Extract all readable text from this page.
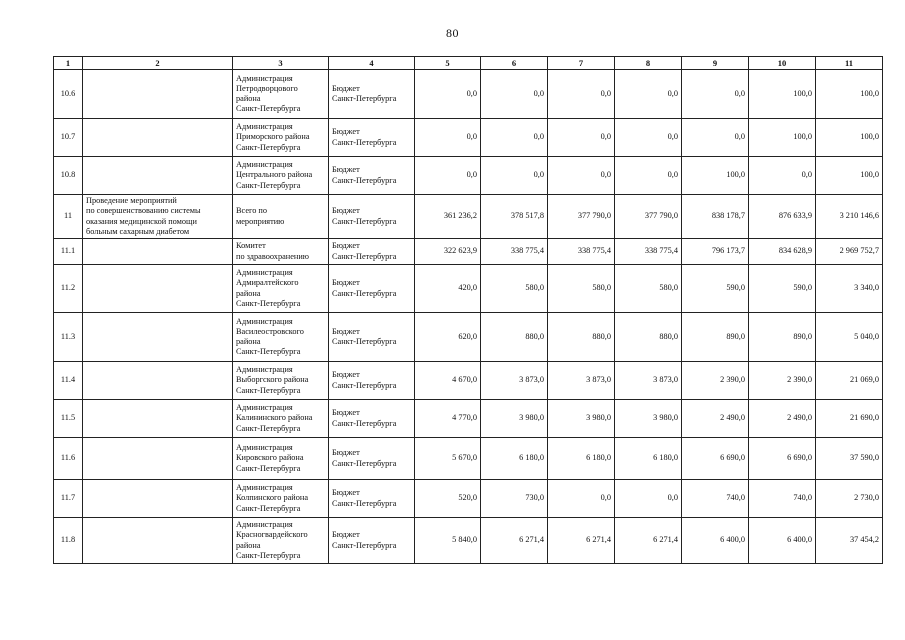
80
1	2	3	4	5	6	7	8	9	10	11
10.6		Администрация
Петродворцового
района
Санкт-Петербурга	Бюджет
Санкт-Петербурга	0,0	0,0	0,0	0,0	0,0	100,0	100,0
10.7		Администрация
Приморского района
Санкт-Петербурга	Бюджет
Санкт-Петербурга	0,0	0,0	0,0	0,0	0,0	100,0	100,0
10.8		Администрация
Центрального района
Санкт-Петербурга	Бюджет
Санкт-Петербурга	0,0	0,0	0,0	0,0	100,0	0,0	100,0
11	Проведение мероприятий
по совершенствованию системы
оказания медицинской помощи
больным сахарным диабетом	Всего по
мероприятию	Бюджет
Санкт-Петербурга	361 236,2	378 517,8	377 790,0	377 790,0	838 178,7	876 633,9	3 210 146,6
11.1		Комитет
по здравоохранению	Бюджет
Санкт-Петербурга	322 623,9	338 775,4	338 775,4	338 775,4	796 173,7	834 628,9	2 969 752,7
11.2		Администрация
Адмиралтейского
района
Санкт-Петербурга	Бюджет
Санкт-Петербурга	420,0	580,0	580,0	580,0	590,0	590,0	3 340,0
11.3		Администрация
Василеостровского
района
Санкт-Петербурга	Бюджет
Санкт-Петербурга	620,0	880,0	880,0	880,0	890,0	890,0	5 040,0
11.4		Администрация
Выборгского района
Санкт-Петербурга	Бюджет
Санкт-Петербурга	4 670,0	3 873,0	3 873,0	3 873,0	2 390,0	2 390,0	21 069,0
11.5		Администрация
Калининского района
Санкт-Петербурга	Бюджет
Санкт-Петербурга	4 770,0	3 980,0	3 980,0	3 980,0	2 490,0	2 490,0	21 690,0
11.6		Администрация
Кировского района
Санкт-Петербурга	Бюджет
Санкт-Петербурга	5 670,0	6 180,0	6 180,0	6 180,0	6 690,0	6 690,0	37 590,0
11.7		Администрация
Колпинского района
Санкт-Петербурга	Бюджет
Санкт-Петербурга	520,0	730,0	0,0	0,0	740,0	740,0	2 730,0
11.8		Администрация
Красногвардейского
района
Санкт-Петербурга	Бюджет
Санкт-Петербурга	5 840,0	6 271,4	6 271,4	6 271,4	6 400,0	6 400,0	37 454,2
